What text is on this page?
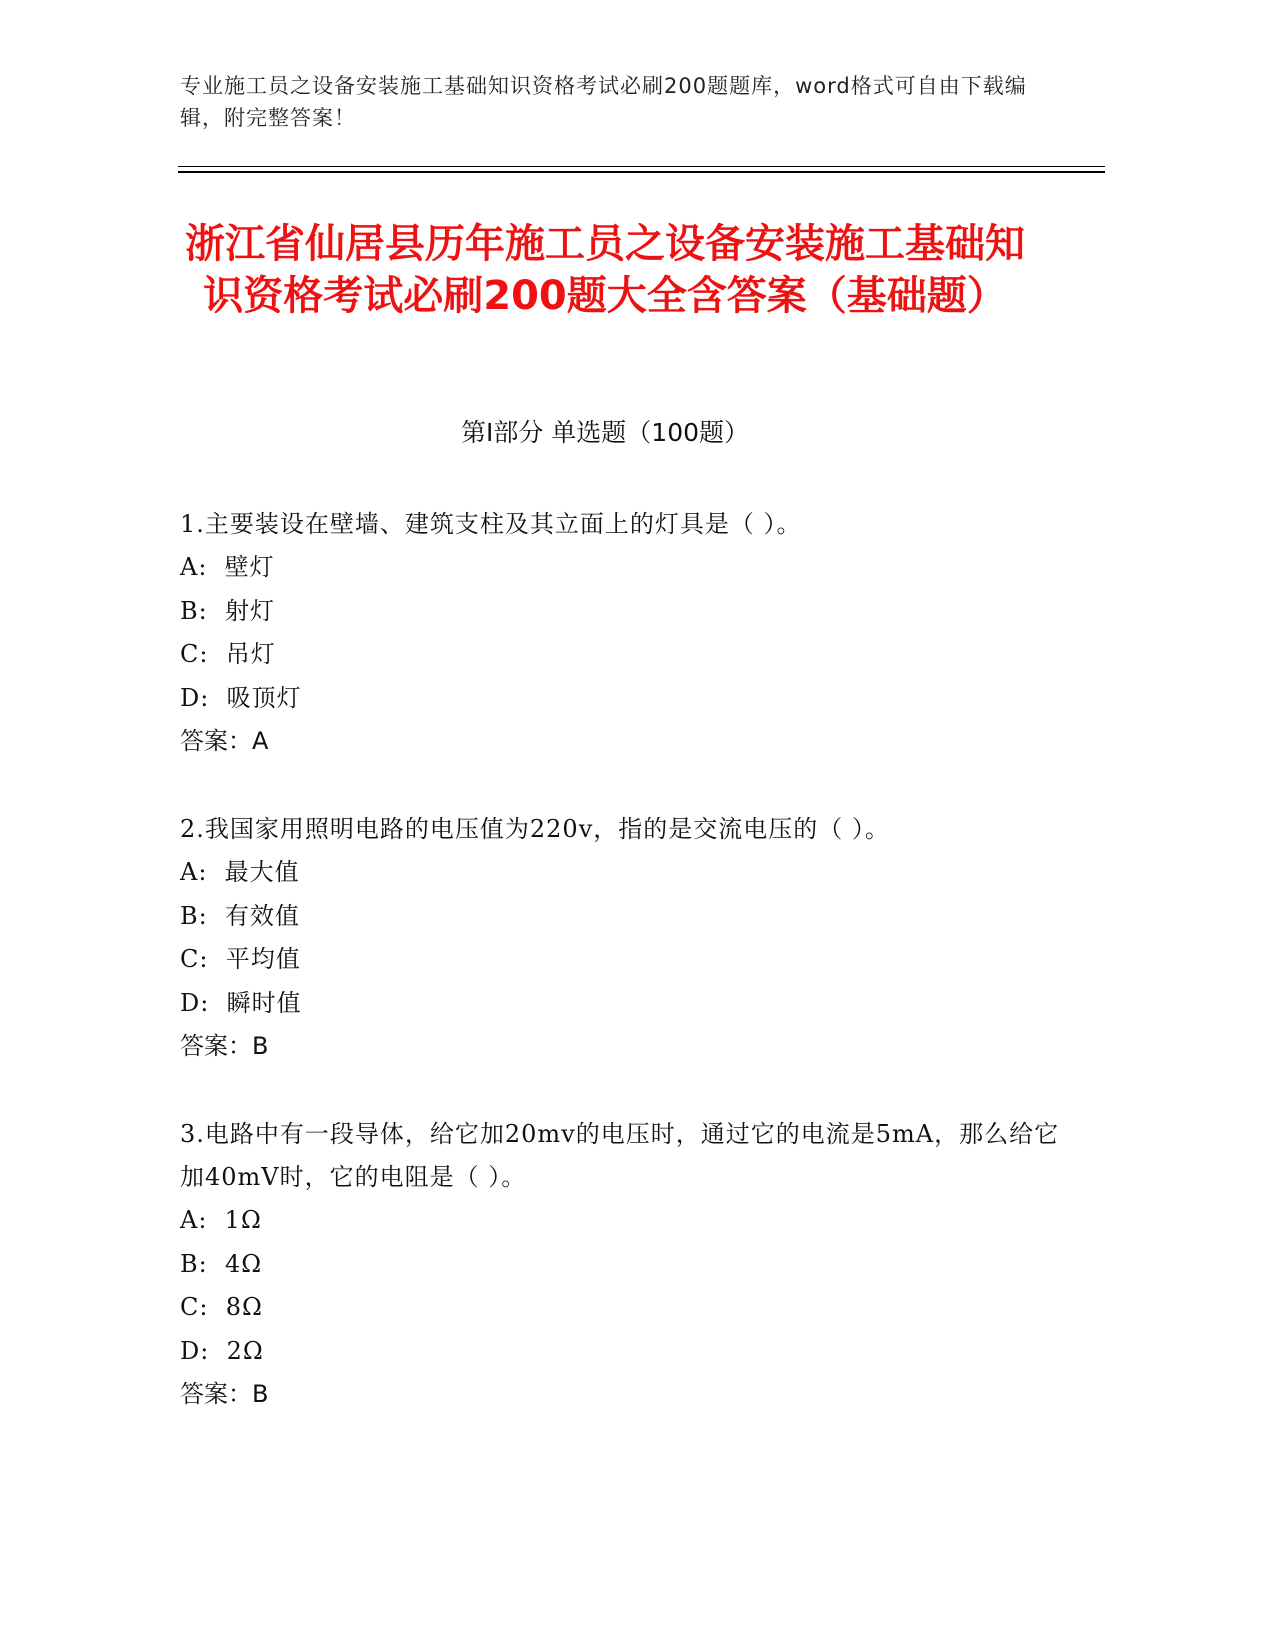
专业施工员之设备安装施工基础知识资格考试必刷200题题库，word格式可自由下载编辑，附完整答案！
浙江省仙居县历年施工员之设备安装施工基础知识资格考试必刷200题大全含答案（基础题）
第Ⅰ部分 单选题（100题）
1.主要装设在壁墙、建筑支柱及其立面上的灯具是（ ）。
A:  壁灯
B:  射灯
C:  吊灯
D:  吸顶灯
答案：A
2.我国家用照明电路的电压值为220v，指的是交流电压的（ ）。
A:  最大值
B:  有效值
C:  平均值
D:  瞬时值
答案：B
3.电路中有一段导体，给它加20mv的电压时，通过它的电流是5mA，那么给它加40mV时，它的电阻是（ ）。
A:  1Ω
B:  4Ω
C:  8Ω
D:  2Ω
答案：B
